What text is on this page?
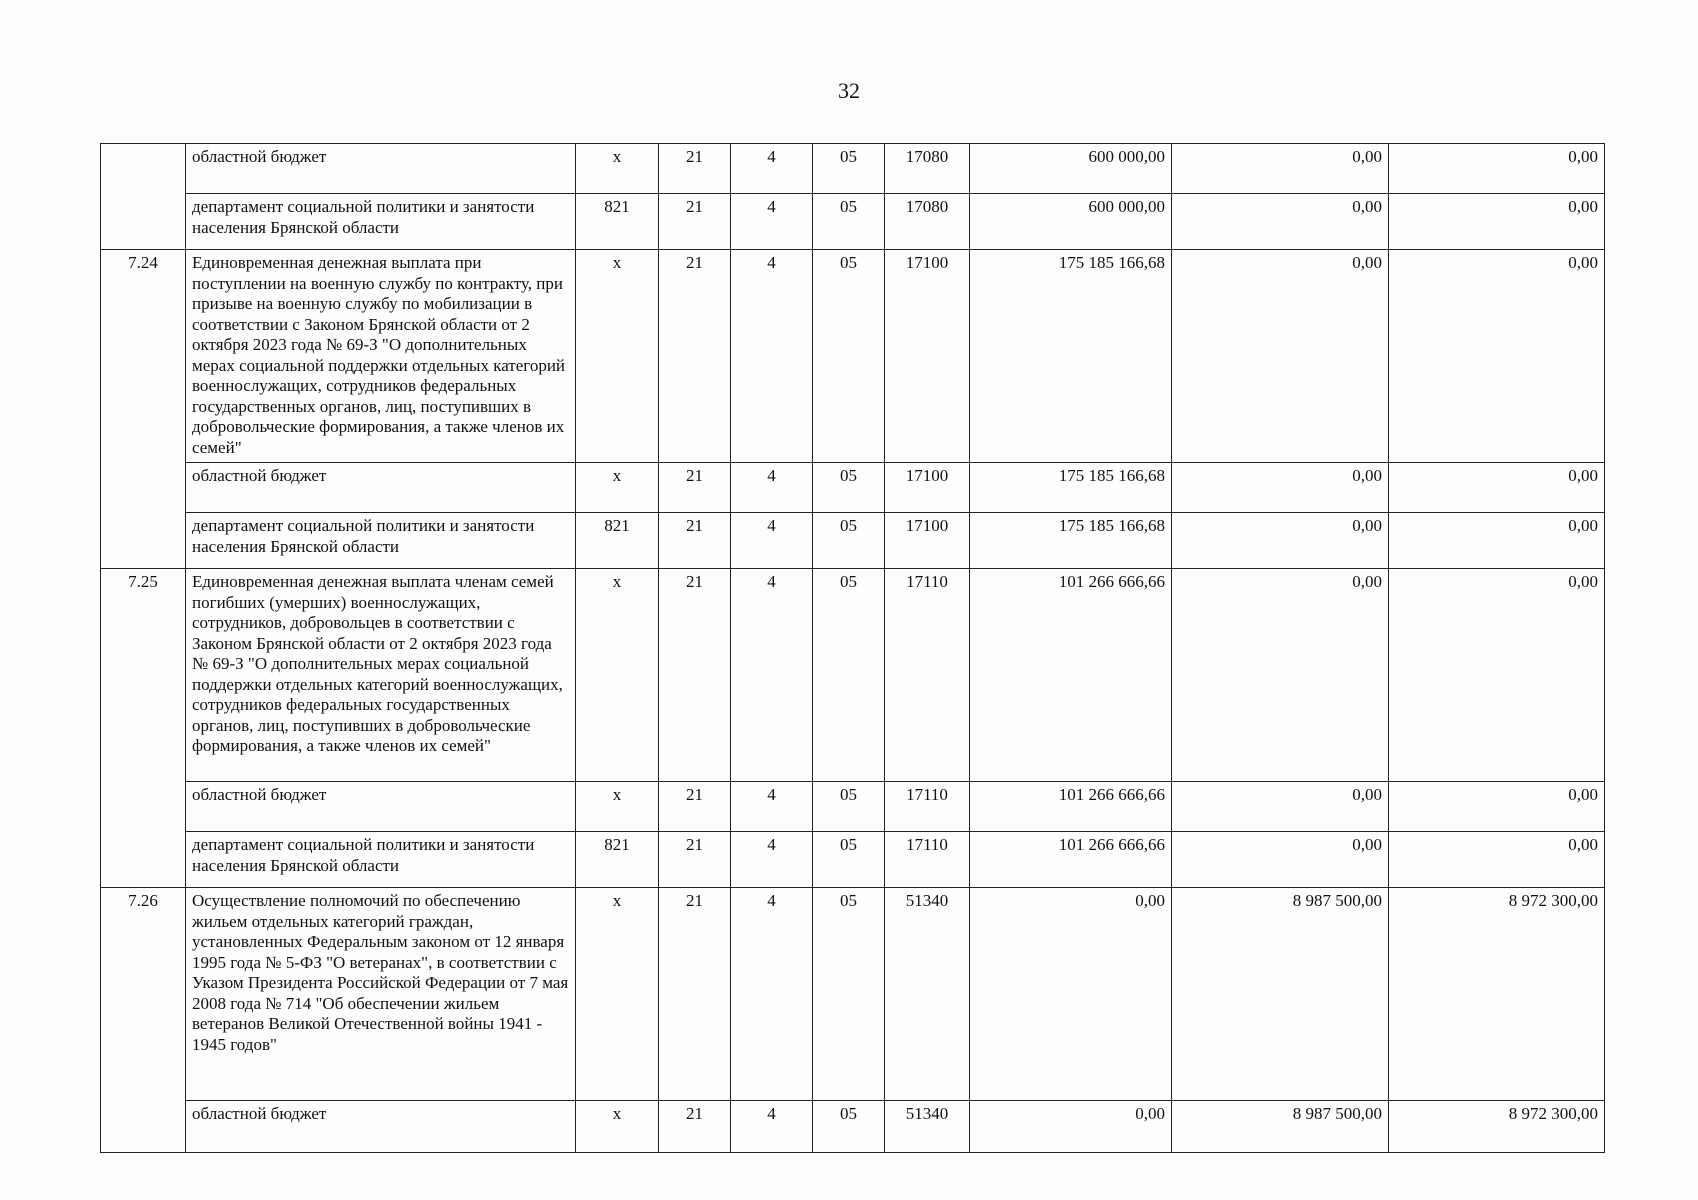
32
	областной бюджет	x	21	4	05	17080	600 000,00	0,00	0,00
	департамент социальной политики и занятости населения Брянской области	821	21	4	05	17080	600 000,00	0,00	0,00
7.24	Единовременная денежная выплата при поступлении на военную службу по контракту, при призыве на военную службу по мобилизации в соответствии с Законом Брянской области от 2 октября 2023 года № 69-З "О дополнительных мерах социальной поддержки отдельных категорий военнослужащих, сотрудников федеральных государственных органов, лиц, поступивших в добровольческие формирования, а также членов их семей"	x	21	4	05	17100	175 185 166,68	0,00	0,00
	областной бюджет	x	21	4	05	17100	175 185 166,68	0,00	0,00
	департамент социальной политики и занятости населения Брянской области	821	21	4	05	17100	175 185 166,68	0,00	0,00
7.25	Единовременная денежная выплата членам семей погибших (умерших) военнослужащих, сотрудников, добровольцев в соответствии с Законом Брянской области от 2 октября 2023 года № 69-З "О дополнительных мерах социальной поддержки отдельных категорий военнослужащих, сотрудников федеральных государственных органов, лиц, поступивших в добровольческие формирования, а также членов их семей"	x	21	4	05	17110	101 266 666,66	0,00	0,00
	областной бюджет	x	21	4	05	17110	101 266 666,66	0,00	0,00
	департамент социальной политики и занятости населения Брянской области	821	21	4	05	17110	101 266 666,66	0,00	0,00
7.26	Осуществление полномочий по обеспечению жильем отдельных категорий граждан, установленных Федеральным законом от 12 января 1995 года № 5-ФЗ "О ветеранах", в соответствии с Указом Президента Российской Федерации от 7 мая 2008 года № 714 "Об обеспечении жильем ветеранов Великой Отечественной войны 1941 - 1945 годов"	x	21	4	05	51340	0,00	8 987 500,00	8 972 300,00
	областной бюджет	x	21	4	05	51340	0,00	8 987 500,00	8 972 300,00
